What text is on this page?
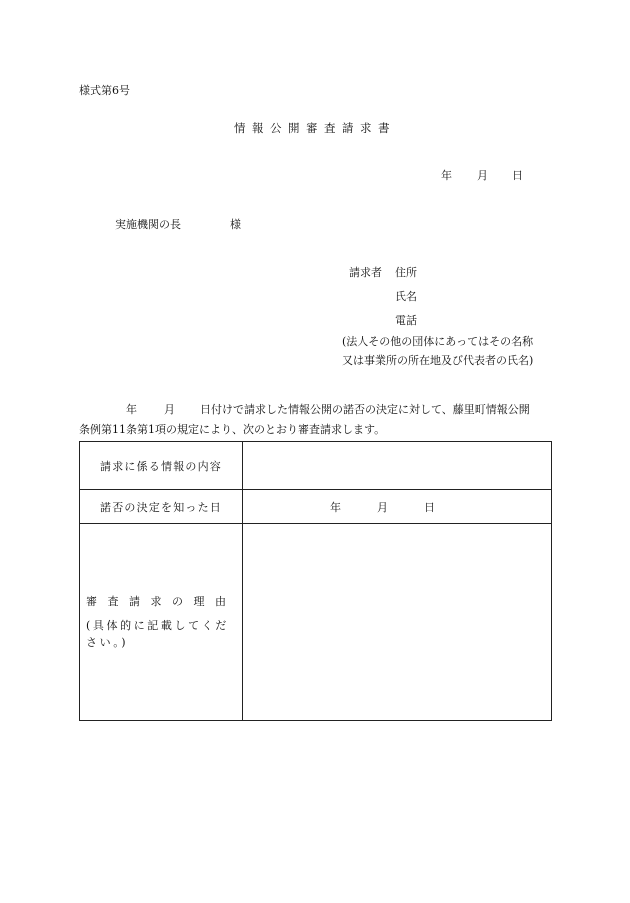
様式第6号
情報公開審査請求書
年 月 日
実施機関の長	様
請求者 住所
氏名
電話
(法人その他の団体にあってはその名称
又は事業所の所在地及び代表者の氏名)
年 月 日付けで請求した情報公開の諾否の決定に対して、藤里町情報公開
条例第11条第1項の規定により、次のとおり審査請求します。
請求に係る情報の内容	
諾否の決定を知った日	年 月 日

審査請求の理由
(具体的に記載してください。)	
